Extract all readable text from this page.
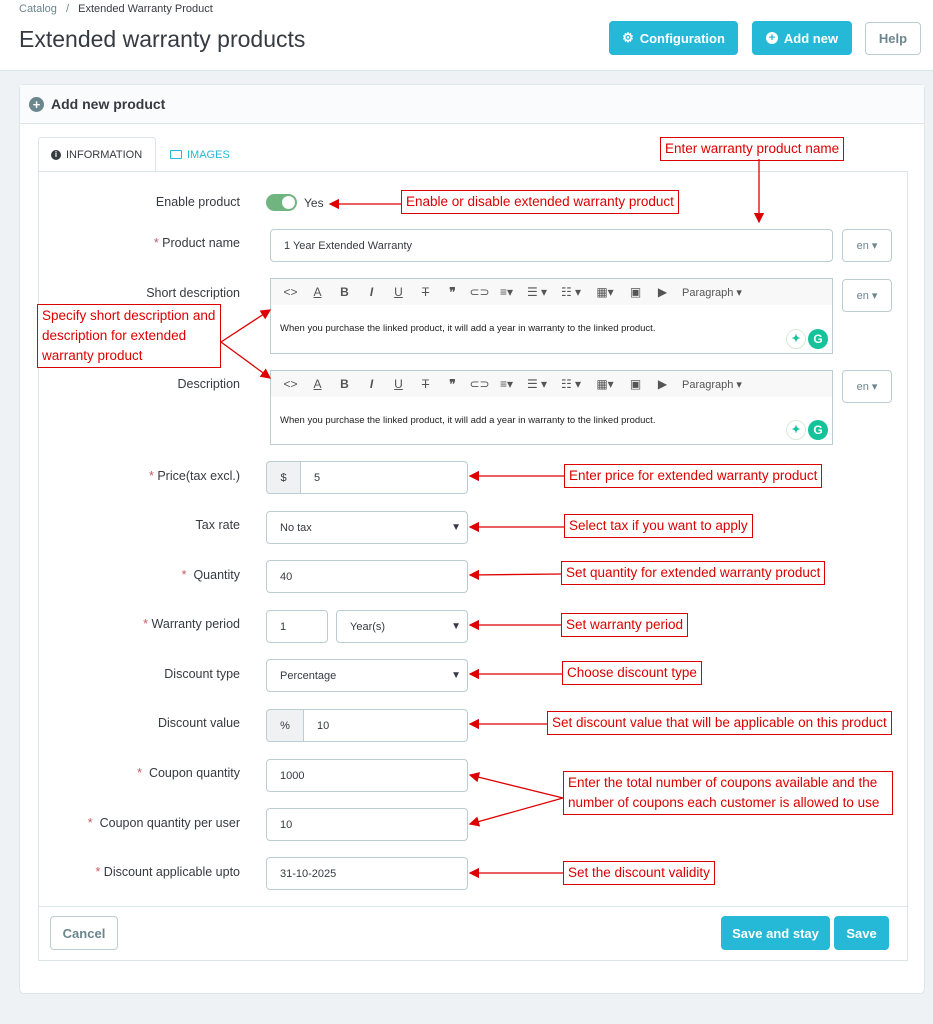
Catalog / Extended Warranty Product
Extended warranty products	⚙ Configuration	+ Add new	Help
+ Add new product
i INFORMATION	IMAGES
Enable product	Yes
* Product name	1 Year Extended Warranty	en ▾
Short description	<>	A	B	I	U	T	❞	⊂⊃ ≡▾	☰ ▾	☷ ▾	▦▾	▣	▶	Paragraph ▾
When you purchase the linked product, it will add a year in warranty to the linked product.
✦	G
en ▾
Description	<>	A	B	I	U	T	❞	⊂⊃ ≡▾	☰ ▾	☷ ▾	▦▾	▣	▶	Paragraph ▾
When you purchase the linked product, it will add a year in warranty to the linked product.
✦	G
en ▾
* Price(tax excl.)	$	5
Tax rate	No tax	▼
* Quantity	40
* Warranty period	1	Year(s)	▼
Discount type	Percentage	▼
Discount value	%	10
* Coupon quantity	1000
* Coupon quantity per user	10
* Discount applicable upto	31-10-2025
Cancel	Save and stay	Save
Enter warranty product name
Enable or disable extended warranty product
Specify short description and description for extended warranty product
Enter price for extended warranty product
Select tax if you want to apply
Set quantity for extended warranty product
Set warranty period
Choose discount type
Set discount value that will be applicable on this product
Enter the total number of coupons available and the number of coupons each customer is allowed to use
Set the discount validity
